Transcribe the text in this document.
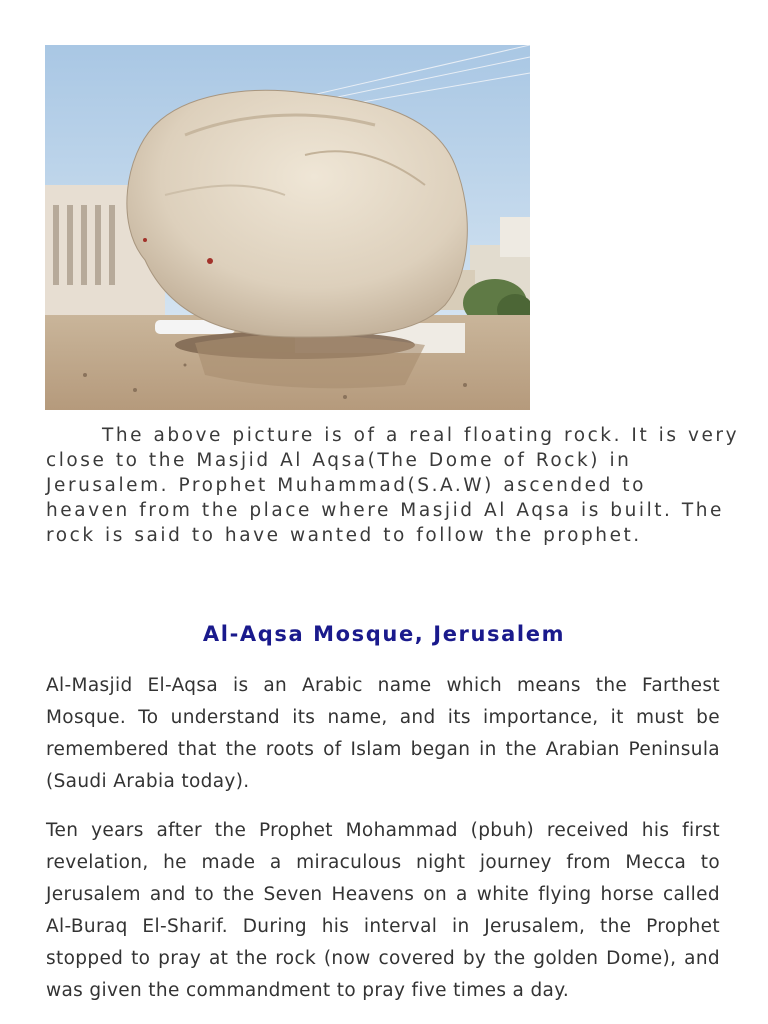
The above picture is of a real floating rock. It is very
close to the Masjid Al Aqsa(The Dome of Rock) in
Jerusalem. Prophet Muhammad(S.A.W) ascended to
heaven from the place where Masjid Al Aqsa is built. The
rock is said to have wanted to follow the prophet.

Al-Aqsa Mosque, Jerusalem

Al-Masjid El-Aqsa is an Arabic name which means the Farthest Mosque. To understand its name, and its importance, it must be remembered that the roots of Islam began in the Arabian Peninsula (Saudi Arabia today).

Ten years after the Prophet Mohammad (pbuh) received his first revelation, he made a miraculous night journey from Mecca to Jerusalem and to the Seven Heavens on a white flying horse called Al-Buraq El-Sharif. During his interval in Jerusalem, the Prophet stopped to pray at the rock (now covered by the golden Dome), and was given the commandment to pray five times a day.
